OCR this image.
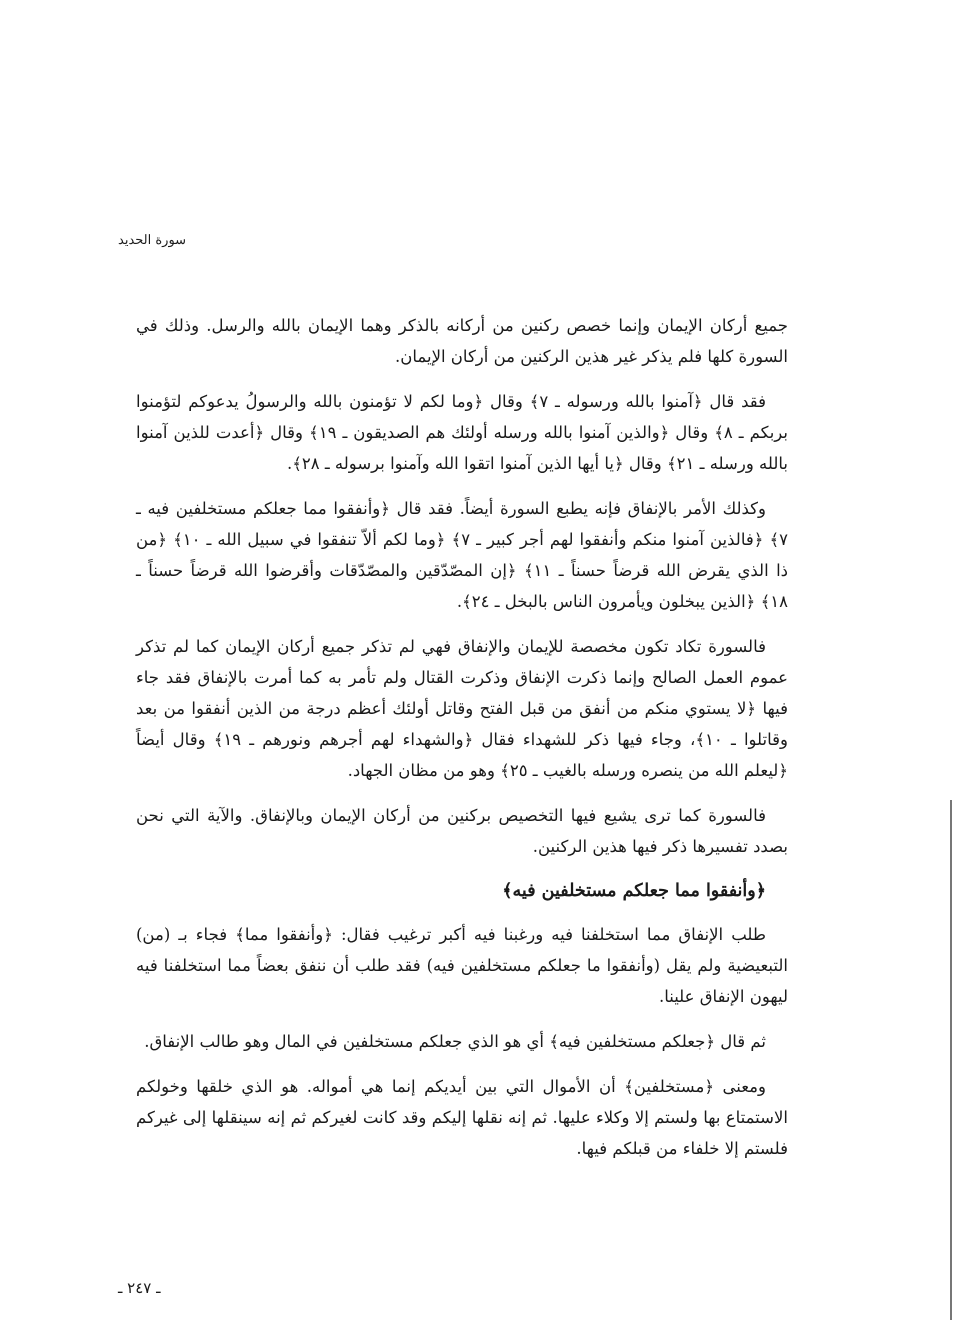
سورة الحديد

جميع أركان الإيمان وإنما خصص ركنين من أركانه بالذكر وهما الإيمان بالله والرسل. وذلك في السورة كلها فلم يذكر غير هذين الركنين من أركان الإيمان.

فقد قال ﴿آمنوا بالله ورسوله ـ ٧﴾ وقال ﴿وما لكم لا تؤمنون بالله والرسولُ يدعوكم لتؤمنوا بربكم ـ ٨﴾ وقال ﴿والذين آمنوا بالله ورسله أولئك هم الصديقون ـ ١٩﴾ وقال ﴿أعدت للذين آمنوا بالله ورسله ـ ٢١﴾ وقال ﴿يا أيها الذين آمنوا اتقوا الله وآمنوا برسوله ـ ٢٨﴾.

وكذلك الأمر بالإنفاق فإنه يطبع السورة أيضاً. فقد قال ﴿وأنفقوا مما جعلكم مستخلفين فيه ـ ٧﴾ ﴿فالذين آمنوا منكم وأنفقوا لهم أجر كبير ـ ٧﴾ ﴿وما لكم ألاّ تنفقوا في سبيل الله ـ ١٠﴾ ﴿من ذا الذي يقرض الله قرضاً حسناً ـ ١١﴾ ﴿إن المصّدّقين والمصّدّقات وأقرضوا الله قرضاً حسناً ـ ١٨﴾ ﴿الذين يبخلون ويأمرون الناس بالبخل ـ ٢٤﴾.

فالسورة تكاد تكون مخصصة للإيمان والإنفاق فهي لم تذكر جميع أركان الإيمان كما لم تذكر عموم العمل الصالح وإنما ذكرت الإنفاق وذكرت القتال ولم تأمر به كما أمرت بالإنفاق فقد جاء فيها ﴿لا يستوي منكم من أنفق من قبل الفتح وقاتل أولئك أعظم درجة من الذين أنفقوا من بعد وقاتلوا ـ ١٠﴾، وجاء فيها ذكر للشهداء فقال ﴿والشهداء لهم أجرهم ونورهم ـ ١٩﴾ وقال أيضاً ﴿ليعلم الله من ينصره ورسله بالغيب ـ ٢٥﴾ وهو من مظان الجهاد.

فالسورة كما ترى يشيع فيها التخصيص بركنين من أركان الإيمان وبالإنفاق. والآية التي نحن بصدد تفسيرها ذكر فيها هذين الركنين.

﴿وأنفقوا مما جعلكم مستخلفين فيه﴾

طلب الإنفاق مما استخلفنا فيه ورغبنا فيه أكبر ترغيب فقال: ﴿وأنفقوا مما﴾ فجاء بـ (من) التبعيضية ولم يقل (وأنفقوا ما جعلكم مستخلفين فيه) فقد طلب أن ننفق بعضاً مما استخلفنا فيه ليهون الإنفاق علينا.

ثم قال ﴿جعلكم مستخلفين فيه﴾ أي هو الذي جعلكم مستخلفين في المال وهو طالب الإنفاق.

ومعنى ﴿مستخلفين﴾ أن الأموال التي بين أيديكم إنما هي أمواله. هو الذي خلقها وخولكم الاستمتاع بها ولستم إلا وكلاء عليها. ثم إنه نقلها إليكم وقد كانت لغيركم ثم إنه سينقلها إلى غيركم فلستم إلا خلفاء من قبلكم فيها.

ـ ٢٤٧ ـ
